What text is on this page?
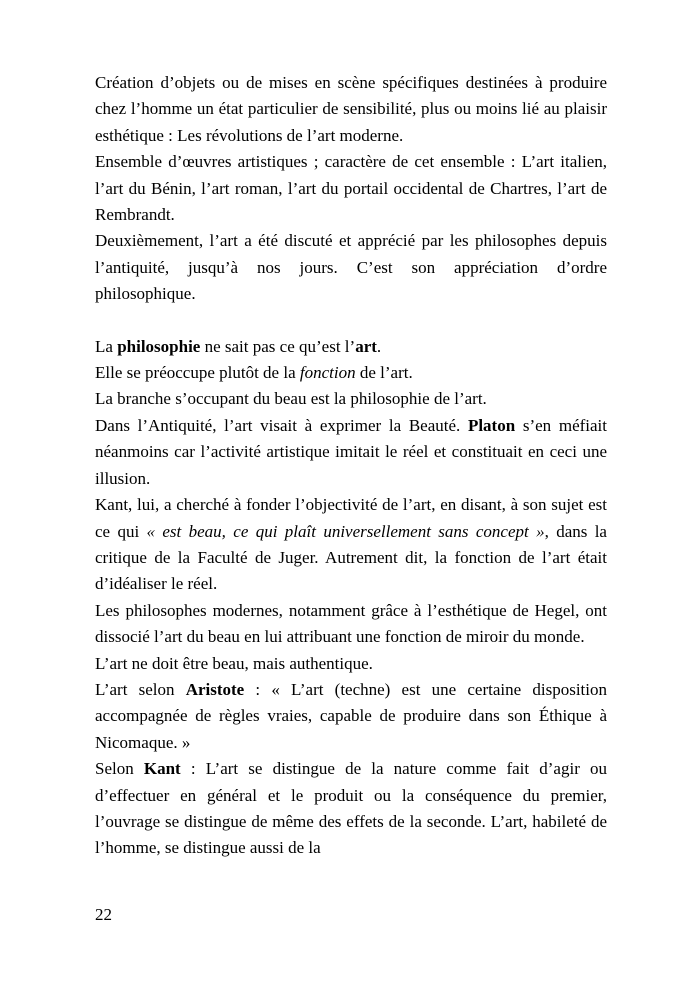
Création d’objets ou de mises en scène spécifiques destinées à produire chez l’homme un état particulier de sensibilité, plus ou moins lié au plaisir esthétique : Les révolutions de l’art moderne.

Ensemble d’œuvres artistiques ; caractère de cet ensemble : L’art italien, l’art du Bénin, l’art roman, l’art du portail occidental de Chartres, l’art de Rembrandt.

Deuxièmement, l’art a été discuté et apprécié par les philosophes depuis l’antiquité, jusqu’à nos jours. C’est son appréciation d’ordre philosophique.

La philosophie ne sait pas ce qu’est l’art.

Elle se préoccupe plutôt de la fonction de l’art.

La branche s’occupant du beau est la philosophie de l’art.

Dans l’Antiquité, l’art visait à exprimer la Beauté. Platon s’en méfiait néanmoins car l’activité artistique imitait le réel et constituait en ceci une illusion.

Kant, lui, a cherché à fonder l’objectivité de l’art, en disant, à son sujet est ce qui « est beau, ce qui plaît universellement sans concept », dans la critique de la Faculté de Juger. Autrement dit, la fonction de l’art était d’idéaliser le réel.

Les philosophes modernes, notamment grâce à l’esthétique de Hegel, ont dissocié l’art du beau en lui attribuant une fonction de miroir du monde.

L’art ne doit être beau, mais authentique.

L’art selon Aristote : « L’art (techne) est une certaine disposition accompagnée de règles vraies, capable de produire dans son Éthique à Nicomaque. »

Selon Kant : L’art se distingue de la nature comme fait d’agir ou d’effectuer en général et le produit ou la conséquence du premier, l’ouvrage se distingue de même des effets de la seconde. L’art, habileté de l’homme, se distingue aussi de la

22
